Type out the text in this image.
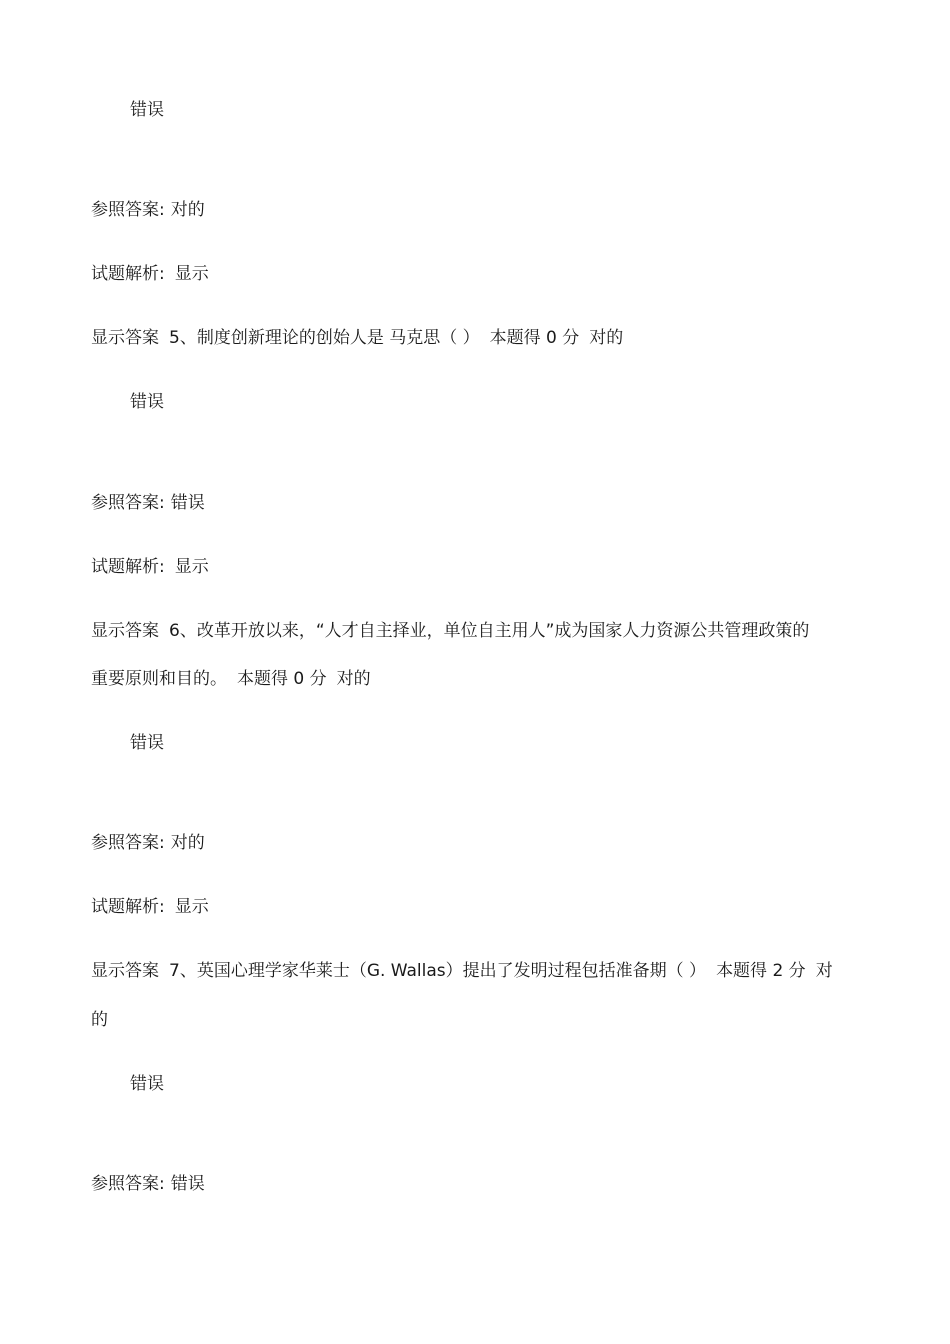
错误
参照答案: 对的
试题解析: 显示
显示答案 5、制度创新理论的创始人是 马克思（ ） 本题得 0 分 对的
错误
参照答案: 错误
试题解析: 显示
显示答案 6、改革开放以来，“人才自主择业，单位自主用人”成为国家人力资源公共管理政策的
重要原则和目的。 本题得 0 分 对的
错误
参照答案: 对的
试题解析: 显示
显示答案 7、英国心理学家华莱士（G. Wallas）提出了发明过程包括准备期（ ） 本题得 2 分 对
的
错误
参照答案: 错误
